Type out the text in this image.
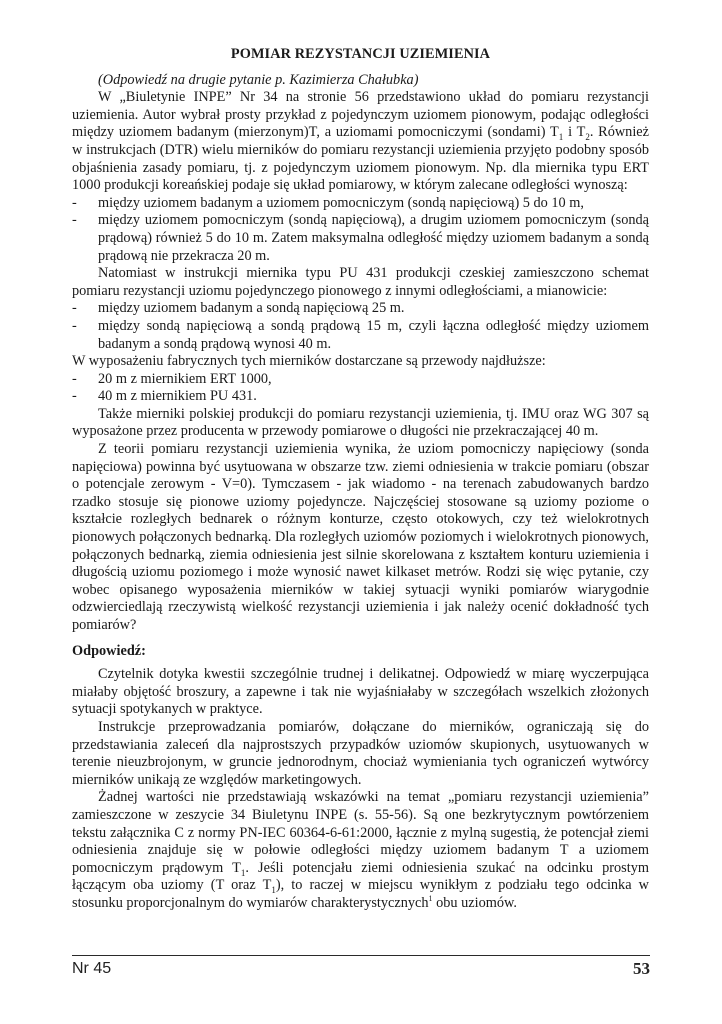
POMIAR REZYSTANCJI UZIEMIENIA
(Odpowiedź na drugie pytanie p. Kazimierza Chałubka)

W „Biuletynie INPE” Nr 34 na stronie 56 przedstawiono układ do pomiaru rezystancji uziemienia. Autor wybrał prosty przykład z pojedynczym uziomem pionowym, podając odległości między uziomem badanym (mierzonym)T, a uziomami pomocniczymi (sondami) $T_1$ i $T_2$. Również w instrukcjach (DTR) wielu mierników do pomiaru rezystancji uziemienia przyjęto podobny sposób objaśnienia zasady pomiaru, tj. z pojedynczym uziomem pionowym. Np. dla miernika typu ERT 1000 produkcji koreańskiej podaje się układ pomiarowy, w którym zalecane odległości wynoszą:

-	między uziomem badanym a uziomem pomocniczym (sondą napięciową) 5 do 10 m,
-	między uziomem pomocniczym (sondą napięciową), a drugim uziomem pomocniczym (sondą prądową) również 5 do 10 m. Zatem maksymalna odległość między uziomem badanym a sondą prądową nie przekracza 20 m.

Natomiast w instrukcji miernika typu PU 431 produkcji czeskiej zamieszczono schemat pomiaru rezystancji uziomu pojedynczego pionowego z innymi odległościami, a mianowicie:

-	między uziomem badanym a sondą napięciową 25 m.
-	między sondą napięciową a sondą prądową 15 m, czyli łączna odległość między uziomem badanym a sondą prądową wynosi 40 m.

W wyposażeniu fabrycznych tych mierników dostarczane są przewody najdłuższe:

-	20 m z miernikiem ERT 1000,
-	40 m z miernikiem PU 431.

Także mierniki polskiej produkcji do pomiaru rezystancji uziemienia, tj. IMU oraz WG 307 są wyposażone przez producenta w przewody pomiarowe o długości nie przekraczającej 40 m.

Z teorii pomiaru rezystancji uziemienia wynika, że uziom pomocniczy napięciowy (sonda napięciowa) powinna być usytuowana w obszarze tzw. ziemi odniesienia w trakcie pomiaru (obszar o potencjale zerowym - V=0). Tymczasem - jak wiadomo - na terenach zabudowanych bardzo rzadko stosuje się pionowe uziomy pojedyncze. Najczęściej stosowane są uziomy poziome o kształcie rozległych bednarek o różnym konturze, często otokowych, czy też wielokrotnych pionowych połączonych bednarką. Dla rozległych uziomów poziomych i wielokrotnych pionowych, połączonych bednarką, ziemia odniesienia jest silnie skorelowana z kształtem konturu uziemienia i długością uziomu poziomego i może wynosić nawet kilkaset metrów. Rodzi się więc pytanie, czy wobec opisanego wyposażenia mierników w takiej sytuacji wyniki pomiarów wiarygodnie odzwierciedlają rzeczywistą wielkość rezystancji uziemienia i jak należy ocenić dokładność tych pomiarów?

Odpowiedź:

Czytelnik dotyka kwestii szczególnie trudnej i delikatnej. Odpowiedź w miarę wyczerpująca miałaby objętość broszury, a zapewne i tak nie wyjaśniałaby w szczegółach wszelkich złożonych sytuacji spotykanych w praktyce.

Instrukcje przeprowadzania pomiarów, dołączane do mierników, ograniczają się do przedstawiania zaleceń dla najprostszych przypadków uziomów skupionych, usytuowanych w terenie nieuzbrojonym, w gruncie jednorodnym, chociaż wymieniania tych ograniczeń wytwórcy mierników unikają ze względów marketingowych.

Żadnej wartości nie przedstawiają wskazówki na temat „pomiaru rezystancji uziemienia” zamieszczone w zeszycie 34 Biuletynu INPE (s. 55-56). Są one bezkrytycznym powtórzeniem tekstu załącznika C z normy PN-IEC 60364-6-61:2000, łącznie z mylną sugestią, że potencjał ziemi odniesienia znajduje się w połowie odległości między uziomem badanym T a uziomem pomocniczym prądowym $T_1$. Jeśli potencjału ziemi odniesienia szukać na odcinku prostym łączącym oba uziomy (T oraz $T_1$), to raczej w miejscu wynikłym z podziału tego odcinka w stosunku proporcjonalnym do wymiarów charakterystycznych$^1$ obu uziomów.

Nr 45	53
